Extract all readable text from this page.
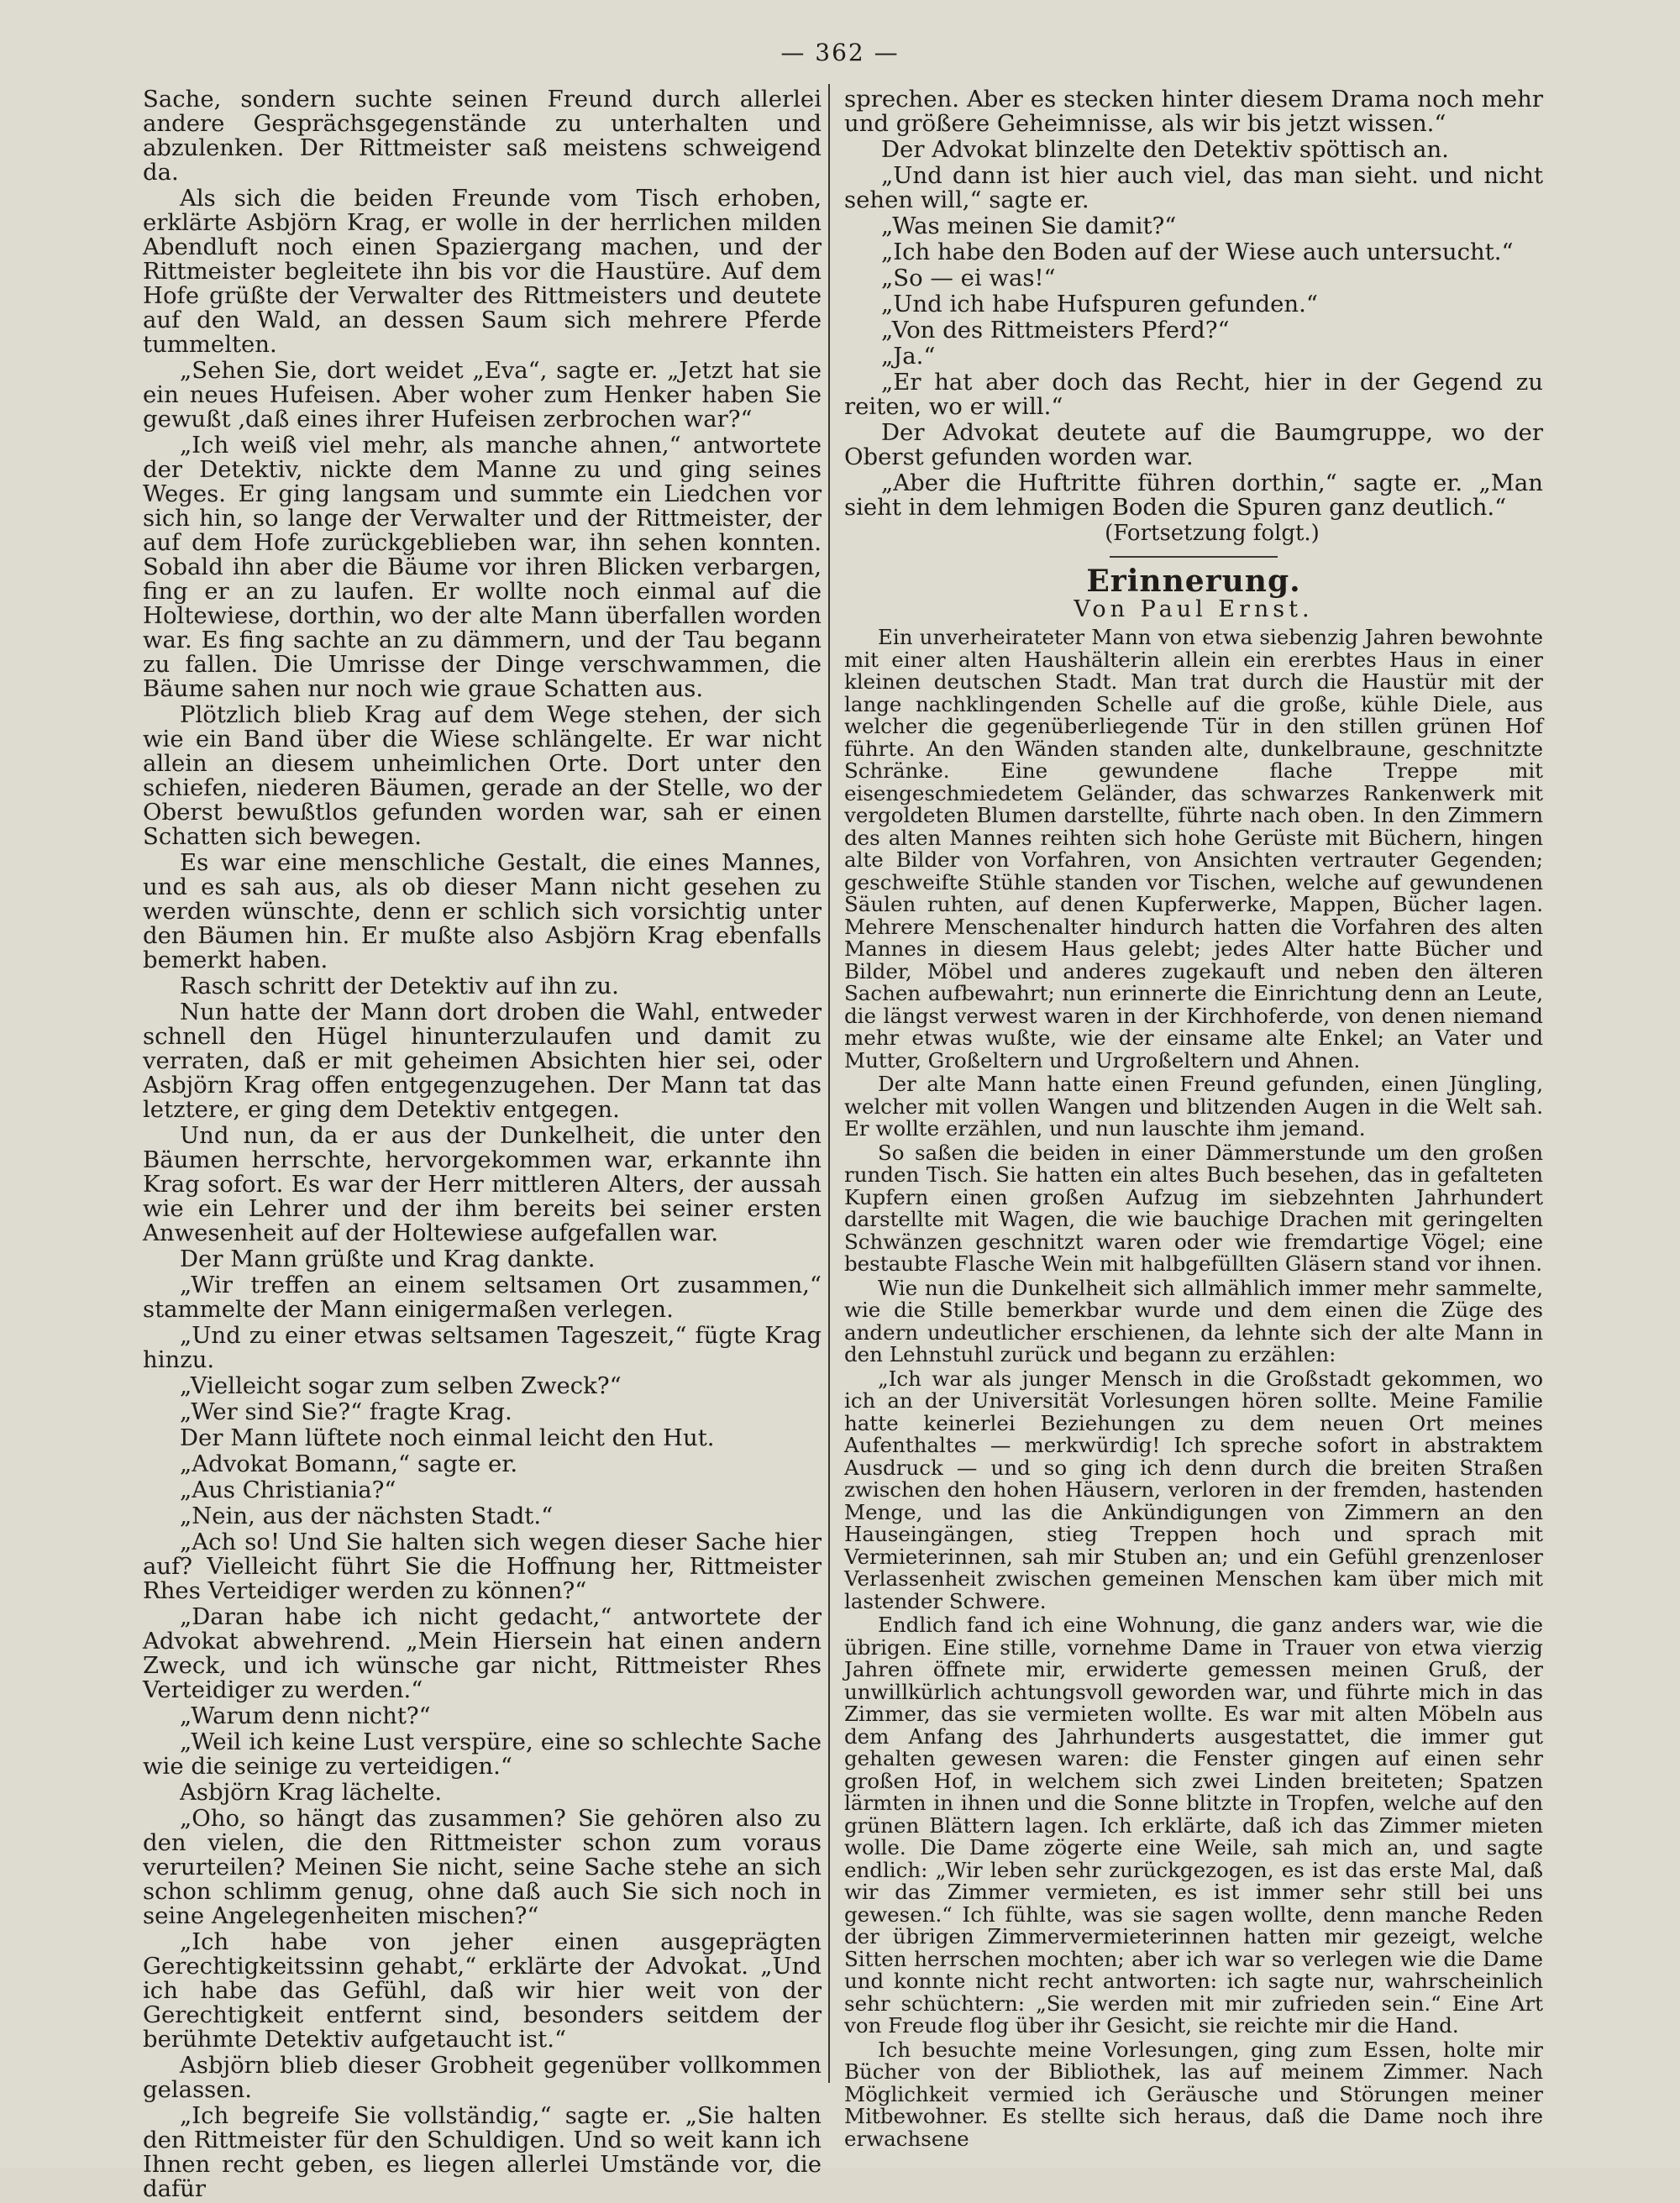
— 362 —

Sache, sondern suchte seinen Freund durch allerlei andere Gesprächsgegenstände zu unterhalten und abzulenken. Der Rittmeister saß meistens schweigend da.

Als sich die beiden Freunde vom Tisch erhoben, erklärte Asbjörn Krag, er wolle in der herrlichen milden Abendluft noch einen Spaziergang machen, und der Rittmeister begleitete ihn bis vor die Haustüre. Auf dem Hofe grüßte der Verwalter des Rittmeisters und deutete auf den Wald, an dessen Saum sich mehrere Pferde tummelten.

„Sehen Sie, dort weidet „Eva“, sagte er. „Jetzt hat sie ein neues Hufeisen. Aber woher zum Henker haben Sie gewußt ‚daß eines ihrer Hufeisen zerbrochen war?“

„Ich weiß viel mehr, als manche ahnen,“ antwortete der Detektiv, nickte dem Manne zu und ging seines Weges. Er ging langsam und summte ein Liedchen vor sich hin, so lange der Verwalter und der Rittmeister, der auf dem Hofe zurückgeblieben war, ihn sehen konnten. Sobald ihn aber die Bäume vor ihren Blicken verbargen, fing er an zu laufen. Er wollte noch einmal auf die Holtewiese, dorthin, wo der alte Mann überfallen worden war. Es fing sachte an zu dämmern, und der Tau begann zu fallen. Die Umrisse der Dinge verschwammen, die Bäume sahen nur noch wie graue Schatten aus.

Plötzlich blieb Krag auf dem Wege stehen, der sich wie ein Band über die Wiese schlängelte. Er war nicht allein an diesem unheimlichen Orte. Dort unter den schiefen, niederen Bäumen, gerade an der Stelle, wo der Oberst bewußtlos gefunden worden war, sah er einen Schatten sich bewegen.

Es war eine menschliche Gestalt, die eines Mannes, und es sah aus, als ob dieser Mann nicht gesehen zu werden wünschte, denn er schlich sich vorsichtig unter den Bäumen hin. Er mußte also Asbjörn Krag ebenfalls bemerkt haben.

Rasch schritt der Detektiv auf ihn zu.

Nun hatte der Mann dort droben die Wahl, entweder schnell den Hügel hinunterzulaufen und damit zu verraten, daß er mit geheimen Absichten hier sei, oder Asbjörn Krag offen entgegenzugehen. Der Mann tat das letztere, er ging dem Detektiv entgegen.

Und nun, da er aus der Dunkelheit, die unter den Bäumen herrschte, hervorgekommen war, erkannte ihn Krag sofort. Es war der Herr mittleren Alters, der aussah wie ein Lehrer und der ihm bereits bei seiner ersten Anwesenheit auf der Holtewiese aufgefallen war.

Der Mann grüßte und Krag dankte.

„Wir treffen an einem seltsamen Ort zusammen,“ stammelte der Mann einigermaßen verlegen.

„Und zu einer etwas seltsamen Tageszeit,“ fügte Krag hinzu.

„Vielleicht sogar zum selben Zweck?“

„Wer sind Sie?“ fragte Krag.

Der Mann lüftete noch einmal leicht den Hut.

„Advokat Bomann,“ sagte er.

„Aus Christiania?“

„Nein, aus der nächsten Stadt.“

„Ach so! Und Sie halten sich wegen dieser Sache hier auf? Vielleicht führt Sie die Hoffnung her, Rittmeister Rhes Verteidiger werden zu können?“

„Daran habe ich nicht gedacht,“ antwortete der Advokat abwehrend. „Mein Hiersein hat einen andern Zweck, und ich wünsche gar nicht, Rittmeister Rhes Verteidiger zu werden.“

„Warum denn nicht?“

„Weil ich keine Lust verspüre, eine so schlechte Sache wie die seinige zu verteidigen.“

Asbjörn Krag lächelte.

„Oho, so hängt das zusammen? Sie gehören also zu den vielen, die den Rittmeister schon zum voraus verurteilen? Meinen Sie nicht, seine Sache stehe an sich schon schlimm genug, ohne daß auch Sie sich noch in seine Angelegenheiten mischen?“

„Ich habe von jeher einen ausgeprägten Gerechtigkeitssinn gehabt,“ erklärte der Advokat. „Und ich habe das Gefühl, daß wir hier weit von der Gerechtigkeit entfernt sind, besonders seitdem der berühmte Detektiv aufgetaucht ist.“

Asbjörn blieb dieser Grobheit gegenüber vollkommen gelassen.

„Ich begreife Sie vollständig,“ sagte er. „Sie halten den Rittmeister für den Schuldigen. Und so weit kann ich Ihnen recht geben, es liegen allerlei Umstände vor, die dafür

sprechen. Aber es stecken hinter diesem Drama noch mehr und größere Geheimnisse, als wir bis jetzt wissen.“

Der Advokat blinzelte den Detektiv spöttisch an.

„Und dann ist hier auch viel, das man sieht. und nicht sehen will,“ sagte er.

„Was meinen Sie damit?“

„Ich habe den Boden auf der Wiese auch untersucht.“

„So — ei was!“

„Und ich habe Hufspuren gefunden.“

„Von des Rittmeisters Pferd?“

„Ja.“

„Er hat aber doch das Recht, hier in der Gegend zu reiten, wo er will.“

Der Advokat deutete auf die Baumgruppe, wo der Oberst gefunden worden war.

„Aber die Huftritte führen dorthin,“ sagte er. „Man sieht in dem lehmigen Boden die Spuren ganz deutlich.“

(Fortsetzung folgt.)

Erinnerung.
Von Paul Ernst.

Ein unverheirateter Mann von etwa siebenzig Jahren bewohnte mit einer alten Haushälterin allein ein ererbtes Haus in einer kleinen deutschen Stadt. Man trat durch die Haustür mit der lange nachklingenden Schelle auf die große, kühle Diele, aus welcher die gegenüberliegende Tür in den stillen grünen Hof führte. An den Wänden standen alte, dunkelbraune, geschnitzte Schränke. Eine gewundene flache Treppe mit eisengeschmiedetem Geländer, das schwarzes Rankenwerk mit vergoldeten Blumen darstellte, führte nach oben. In den Zimmern des alten Mannes reihten sich hohe Gerüste mit Büchern, hingen alte Bilder von Vorfahren, von Ansichten vertrauter Gegenden; geschweifte Stühle standen vor Tischen, welche auf gewundenen Säulen ruhten, auf denen Kupferwerke, Mappen, Bücher lagen. Mehrere Menschenalter hindurch hatten die Vorfahren des alten Mannes in diesem Haus gelebt; jedes Alter hatte Bücher und Bilder, Möbel und anderes zugekauft und neben den älteren Sachen aufbewahrt; nun erinnerte die Einrichtung denn an Leute, die längst verwest waren in der Kirchhoferde, von denen niemand mehr etwas wußte, wie der einsame alte Enkel; an Vater und Mutter, Großeltern und Urgroßeltern und Ahnen.

Der alte Mann hatte einen Freund gefunden, einen Jüngling, welcher mit vollen Wangen und blitzenden Augen in die Welt sah. Er wollte erzählen, und nun lauschte ihm jemand.

So saßen die beiden in einer Dämmerstunde um den großen runden Tisch. Sie hatten ein altes Buch besehen, das in gefalteten Kupfern einen großen Aufzug im siebzehnten Jahrhundert darstellte mit Wagen, die wie bauchige Drachen mit geringelten Schwänzen geschnitzt waren oder wie fremdartige Vögel; eine bestaubte Flasche Wein mit halbgefüllten Gläsern stand vor ihnen.

Wie nun die Dunkelheit sich allmählich immer mehr sammelte, wie die Stille bemerkbar wurde und dem einen die Züge des andern undeutlicher erschienen, da lehnte sich der alte Mann in den Lehnstuhl zurück und begann zu erzählen:

„Ich war als junger Mensch in die Großstadt gekommen, wo ich an der Universität Vorlesungen hören sollte. Meine Familie hatte keinerlei Beziehungen zu dem neuen Ort meines Aufenthaltes — merkwürdig! Ich spreche sofort in abstraktem Ausdruck — und so ging ich denn durch die breiten Straßen zwischen den hohen Häusern, verloren in der fremden, hastenden Menge, und las die Ankündigungen von Zimmern an den Hauseingängen, stieg Treppen hoch und sprach mit Vermieterinnen, sah mir Stuben an; und ein Gefühl grenzenloser Verlassenheit zwischen gemeinen Menschen kam über mich mit lastender Schwere.

Endlich fand ich eine Wohnung, die ganz anders war, wie die übrigen. Eine stille, vornehme Dame in Trauer von etwa vierzig Jahren öffnete mir, erwiderte gemessen meinen Gruß, der unwillkürlich achtungsvoll geworden war, und führte mich in das Zimmer, das sie vermieten wollte. Es war mit alten Möbeln aus dem Anfang des Jahrhunderts ausgestattet, die immer gut gehalten gewesen waren: die Fenster gingen auf einen sehr großen Hof, in welchem sich zwei Linden breiteten; Spatzen lärmten in ihnen und die Sonne blitzte in Tropfen, welche auf den grünen Blättern lagen. Ich erklärte, daß ich das Zimmer mieten wolle. Die Dame zögerte eine Weile, sah mich an, und sagte endlich: „Wir leben sehr zurückgezogen, es ist das erste Mal, daß wir das Zimmer vermieten, es ist immer sehr still bei uns gewesen.“ Ich fühlte, was sie sagen wollte, denn manche Reden der übrigen Zimmervermieterinnen hatten mir gezeigt, welche Sitten herrschen mochten; aber ich war so verlegen wie die Dame und konnte nicht recht antworten: ich sagte nur, wahrscheinlich sehr schüchtern: „Sie werden mit mir zufrieden sein.“ Eine Art von Freude flog über ihr Gesicht, sie reichte mir die Hand.

Ich besuchte meine Vorlesungen, ging zum Essen, holte mir Bücher von der Bibliothek, las auf meinem Zimmer. Nach Möglichkeit vermied ich Geräusche und Störungen meiner Mitbewohner. Es stellte sich heraus, daß die Dame noch ihre erwachsene
